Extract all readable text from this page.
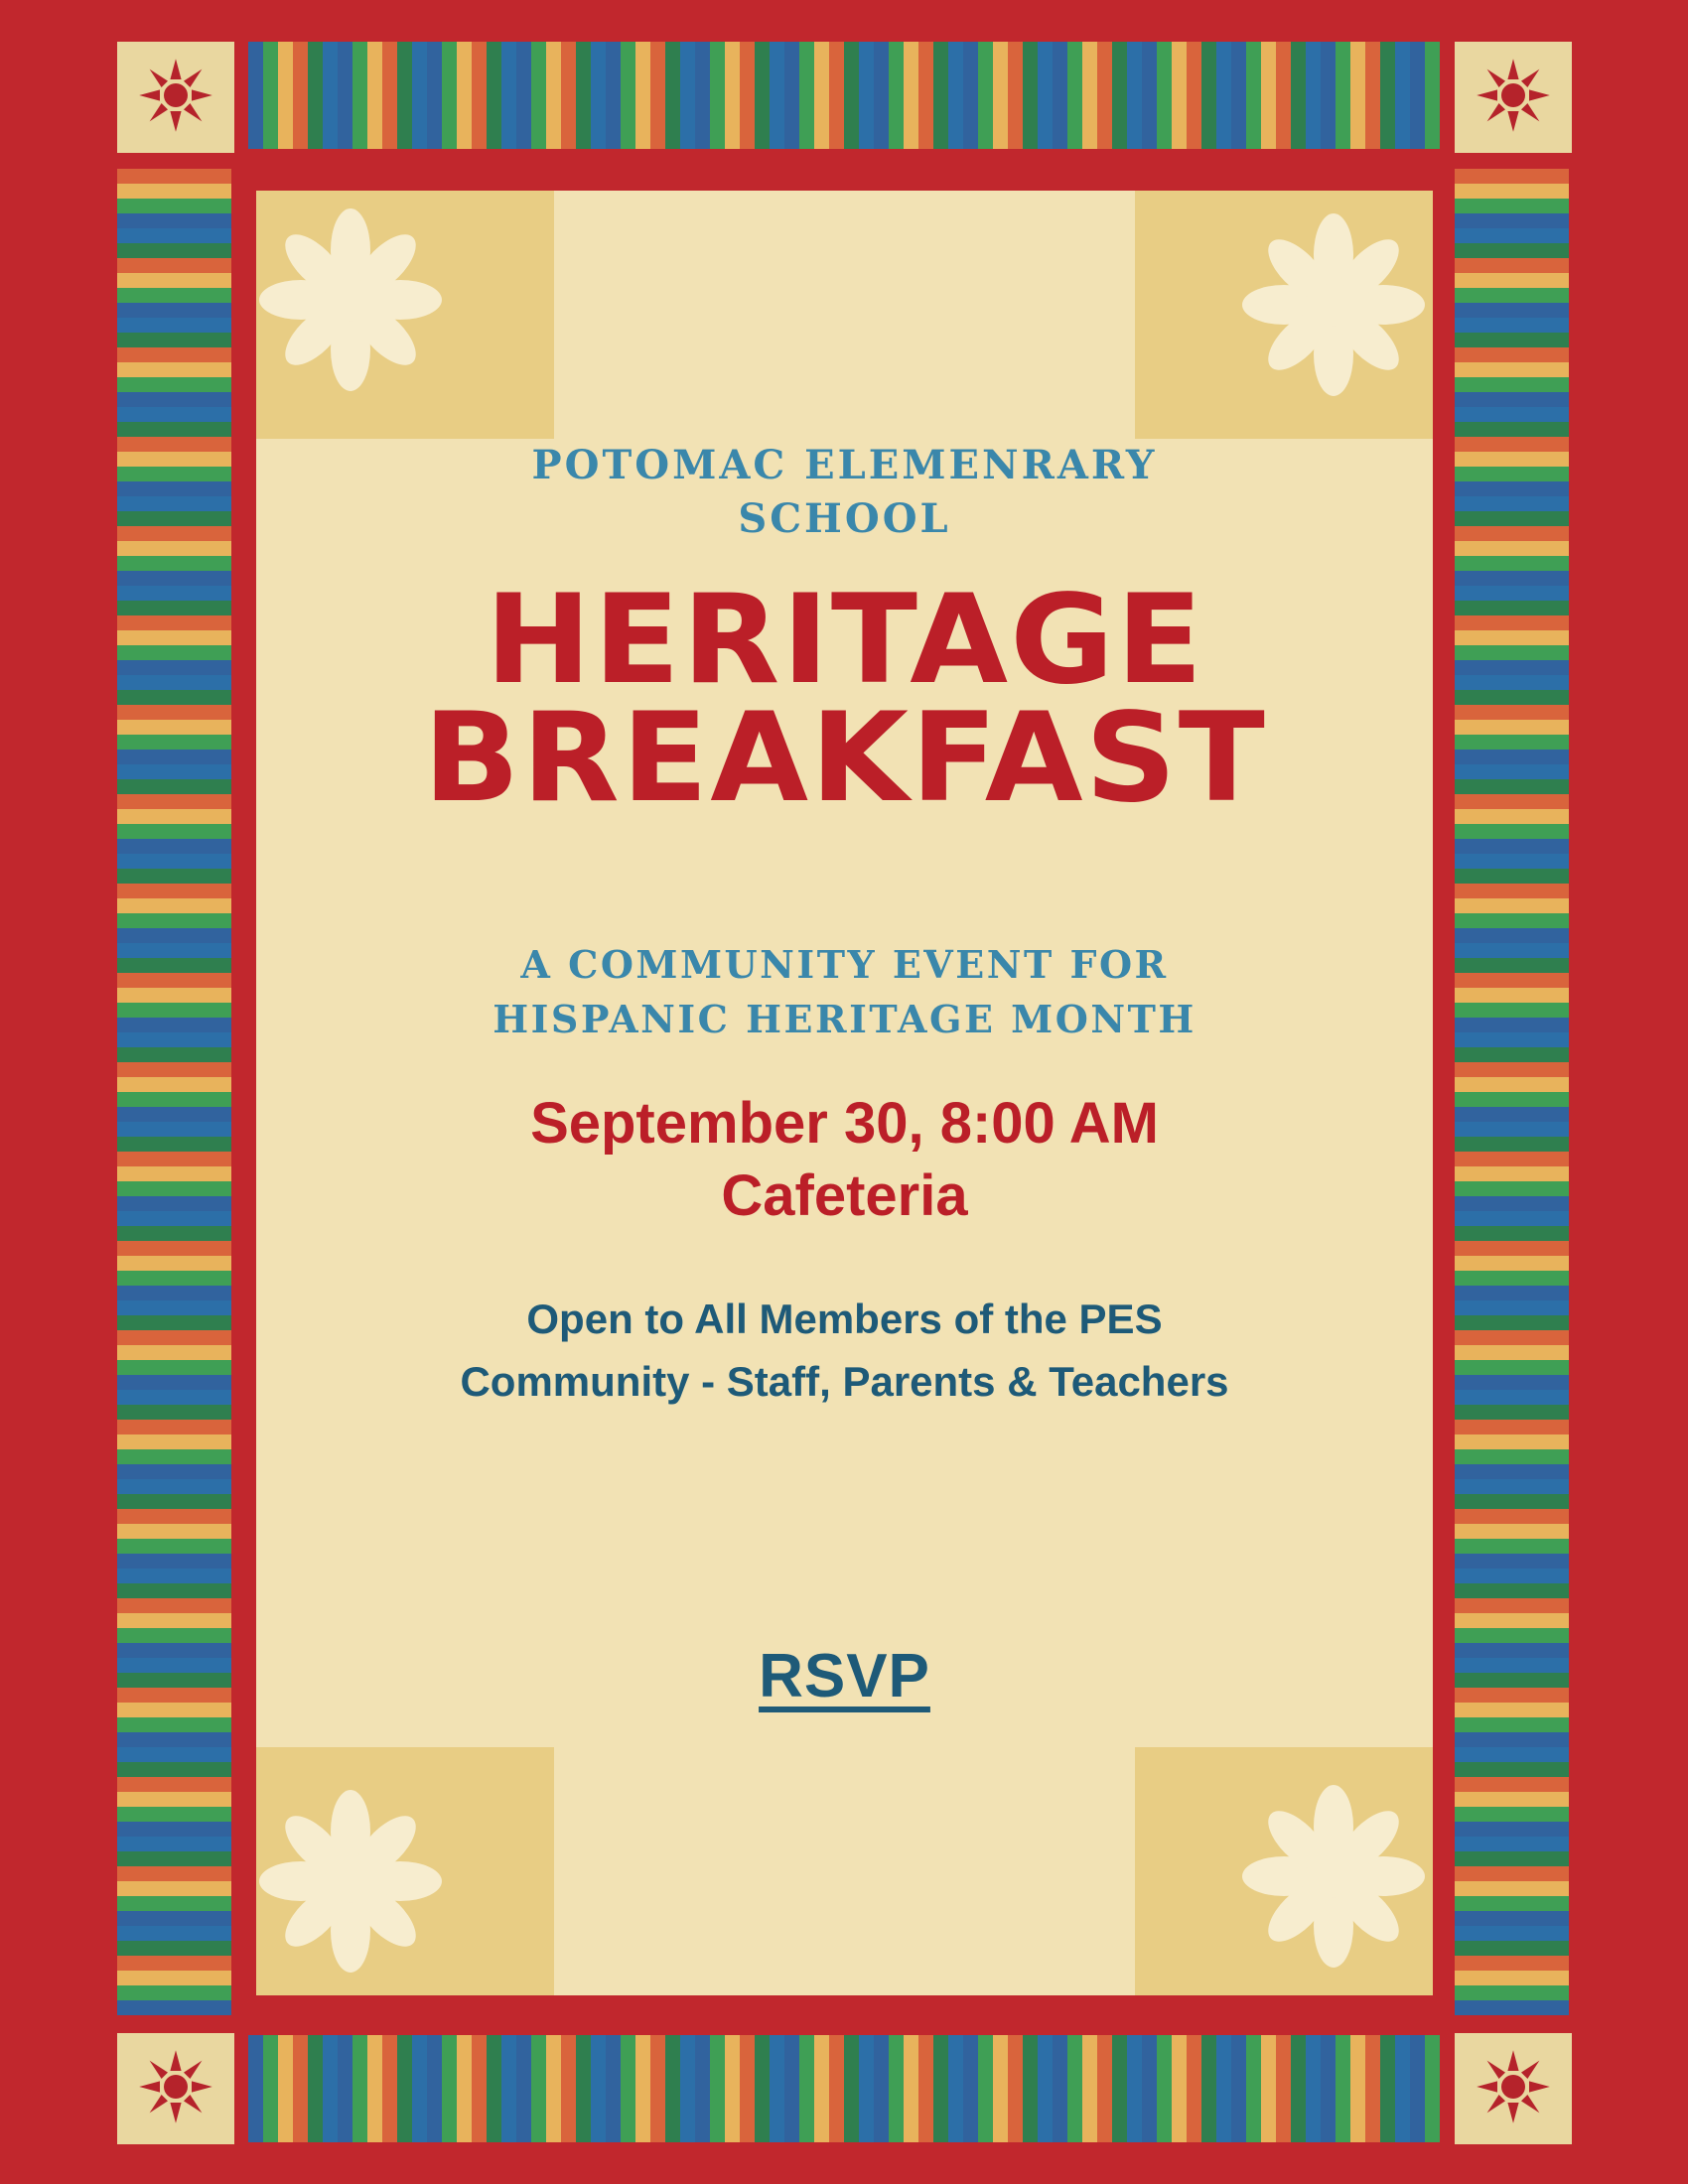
POTOMAC ELEMENRARY SCHOOL
HERITAGE
BREAKFAST
A COMMUNITY EVENT FOR
HISPANIC HERITAGE MONTH
September 30, 8:00 AM
Cafeteria
Open to All Members of the PES Community - Staff, Parents & Teachers
RSVP
